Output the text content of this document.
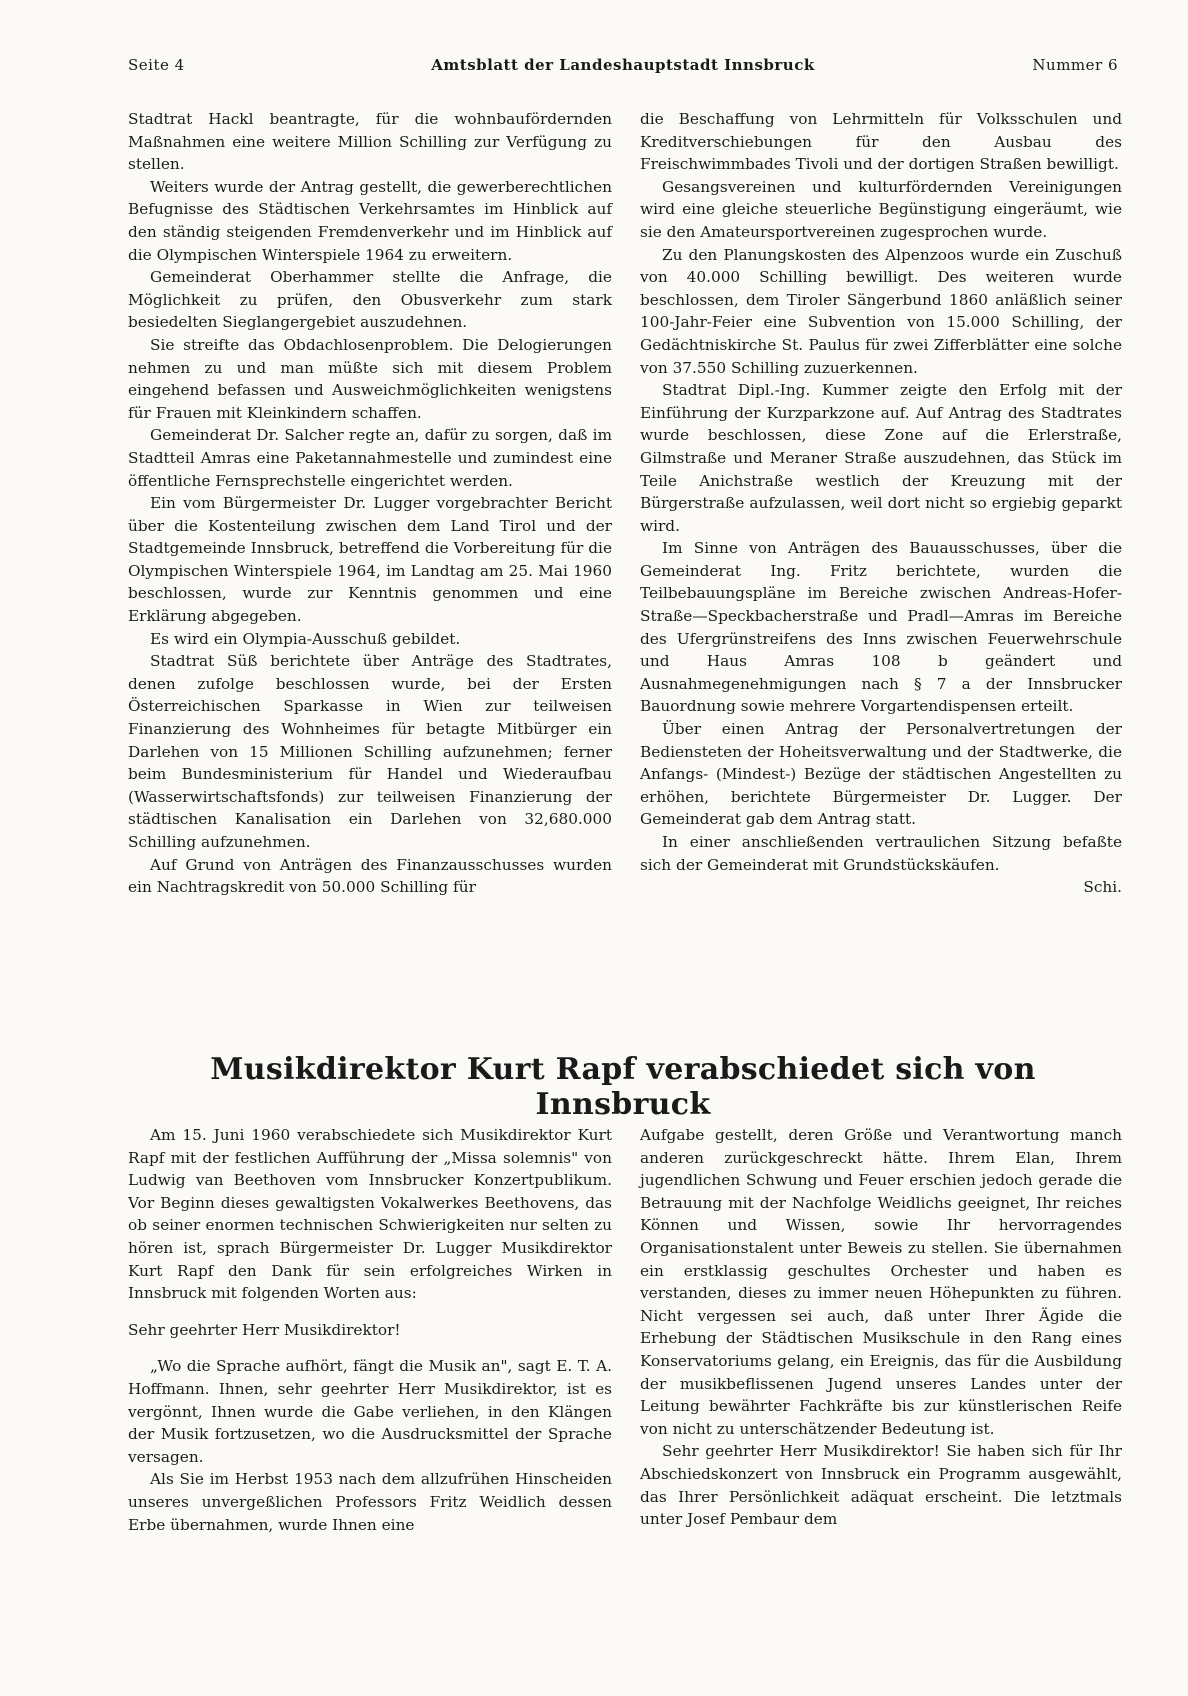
Seite 4	Amtsblatt der Landeshauptstadt Innsbruck	Nummer 6

Stadtrat Hackl beantragte, für die wohnbaufördernden Maßnahmen eine weitere Million Schilling zur Verfügung zu stellen.

Weiters wurde der Antrag gestellt, die gewerberechtlichen Befugnisse des Städtischen Verkehrsamtes im Hinblick auf den ständig steigenden Fremdenverkehr und im Hinblick auf die Olympischen Winterspiele 1964 zu erweitern.

Gemeinderat Oberhammer stellte die Anfrage, die Möglichkeit zu prüfen, den Obusverkehr zum stark besiedelten Sieglangergebiet auszudehnen.

Sie streifte das Obdachlosenproblem. Die Delogierungen nehmen zu und man müßte sich mit diesem Problem eingehend befassen und Ausweichmöglichkeiten wenigstens für Frauen mit Kleinkindern schaffen.

Gemeinderat Dr. Salcher regte an, dafür zu sorgen, daß im Stadtteil Amras eine Paketannahmestelle und zumindest eine öffentliche Fernsprechstelle eingerichtet werden.

Ein vom Bürgermeister Dr. Lugger vorgebrachter Bericht über die Kostenteilung zwischen dem Land Tirol und der Stadtgemeinde Innsbruck, betreffend die Vorbereitung für die Olympischen Winterspiele 1964, im Landtag am 25. Mai 1960 beschlossen, wurde zur Kenntnis genommen und eine Erklärung abgegeben.

Es wird ein Olympia-Ausschuß gebildet.

Stadtrat Süß berichtete über Anträge des Stadtrates, denen zufolge beschlossen wurde, bei der Ersten Österreichischen Sparkasse in Wien zur teilweisen Finanzierung des Wohnheimes für betagte Mitbürger ein Darlehen von 15 Millionen Schilling aufzunehmen; ferner beim Bundesministerium für Handel und Wiederaufbau (Wasserwirtschaftsfonds) zur teilweisen Finanzierung der städtischen Kanalisation ein Darlehen von 32,680.000 Schilling aufzunehmen.

Auf Grund von Anträgen des Finanzausschusses wurden ein Nachtragskredit von 50.000 Schilling für

die Beschaffung von Lehrmitteln für Volksschulen und Kreditverschiebungen für den Ausbau des Freischwimmbades Tivoli und der dortigen Straßen bewilligt.

Gesangsvereinen und kulturfördernden Vereinigungen wird eine gleiche steuerliche Begünstigung eingeräumt, wie sie den Amateursportvereinen zugesprochen wurde.

Zu den Planungskosten des Alpenzoos wurde ein Zuschuß von 40.000 Schilling bewilligt. Des weiteren wurde beschlossen, dem Tiroler Sängerbund 1860 anläßlich seiner 100-Jahr-Feier eine Subvention von 15.000 Schilling, der Gedächtniskirche St. Paulus für zwei Zifferblätter eine solche von 37.550 Schilling zuzuerkennen.

Stadtrat Dipl.-Ing. Kummer zeigte den Erfolg mit der Einführung der Kurzparkzone auf. Auf Antrag des Stadtrates wurde beschlossen, diese Zone auf die Erlerstraße, Gilmstraße und Meraner Straße auszudehnen, das Stück im Teile Anichstraße westlich der Kreuzung mit der Bürgerstraße aufzulassen, weil dort nicht so ergiebig geparkt wird.

Im Sinne von Anträgen des Bauausschusses, über die Gemeinderat Ing. Fritz berichtete, wurden die Teilbebauungspläne im Bereiche zwischen Andreas-Hofer-Straße—Speckbacherstraße und Pradl—Amras im Bereiche des Ufergrünstreifens des Inns zwischen Feuerwehrschule und Haus Amras 108 b geändert und Ausnahmegenehmigungen nach § 7 a der Innsbrucker Bauordnung sowie mehrere Vorgartendispensen erteilt.

Über einen Antrag der Personalvertretungen der Bediensteten der Hoheitsverwaltung und der Stadtwerke, die Anfangs- (Mindest-) Bezüge der städtischen Angestellten zu erhöhen, berichtete Bürgermeister Dr. Lugger. Der Gemeinderat gab dem Antrag statt.

In einer anschließenden vertraulichen Sitzung befaßte sich der Gemeinderat mit Grundstückskäufen.

Schi.

Musikdirektor Kurt Rapf verabschiedet sich von Innsbruck

Am 15. Juni 1960 verabschiedete sich Musikdirektor Kurt Rapf mit der festlichen Aufführung der „Missa solemnis" von Ludwig van Beethoven vom Innsbrucker Konzertpublikum. Vor Beginn dieses gewaltigsten Vokalwerkes Beethovens, das ob seiner enormen technischen Schwierigkeiten nur selten zu hören ist, sprach Bürgermeister Dr. Lugger Musikdirektor Kurt Rapf den Dank für sein erfolgreiches Wirken in Innsbruck mit folgenden Worten aus:

Sehr geehrter Herr Musikdirektor!

„Wo die Sprache aufhört, fängt die Musik an", sagt E. T. A. Hoffmann. Ihnen, sehr geehrter Herr Musikdirektor, ist es vergönnt, Ihnen wurde die Gabe verliehen, in den Klängen der Musik fortzusetzen, wo die Ausdrucksmittel der Sprache versagen.

Als Sie im Herbst 1953 nach dem allzufrühen Hinscheiden unseres unvergeßlichen Professors Fritz Weidlich dessen Erbe übernahmen, wurde Ihnen eine

Aufgabe gestellt, deren Größe und Verantwortung manch anderen zurückgeschreckt hätte. Ihrem Elan, Ihrem jugendlichen Schwung und Feuer erschien jedoch gerade die Betrauung mit der Nachfolge Weidlichs geeignet, Ihr reiches Können und Wissen, sowie Ihr hervorragendes Organisationstalent unter Beweis zu stellen. Sie übernahmen ein erstklassig geschultes Orchester und haben es verstanden, dieses zu immer neuen Höhepunkten zu führen. Nicht vergessen sei auch, daß unter Ihrer Ägide die Erhebung der Städtischen Musikschule in den Rang eines Konservatoriums gelang, ein Ereignis, das für die Ausbildung der musikbeflissenen Jugend unseres Landes unter der Leitung bewährter Fachkräfte bis zur künstlerischen Reife von nicht zu unterschätzender Bedeutung ist.

Sehr geehrter Herr Musikdirektor! Sie haben sich für Ihr Abschiedskonzert von Innsbruck ein Programm ausgewählt, das Ihrer Persönlichkeit adäquat erscheint. Die letztmals unter Josef Pembaur dem
